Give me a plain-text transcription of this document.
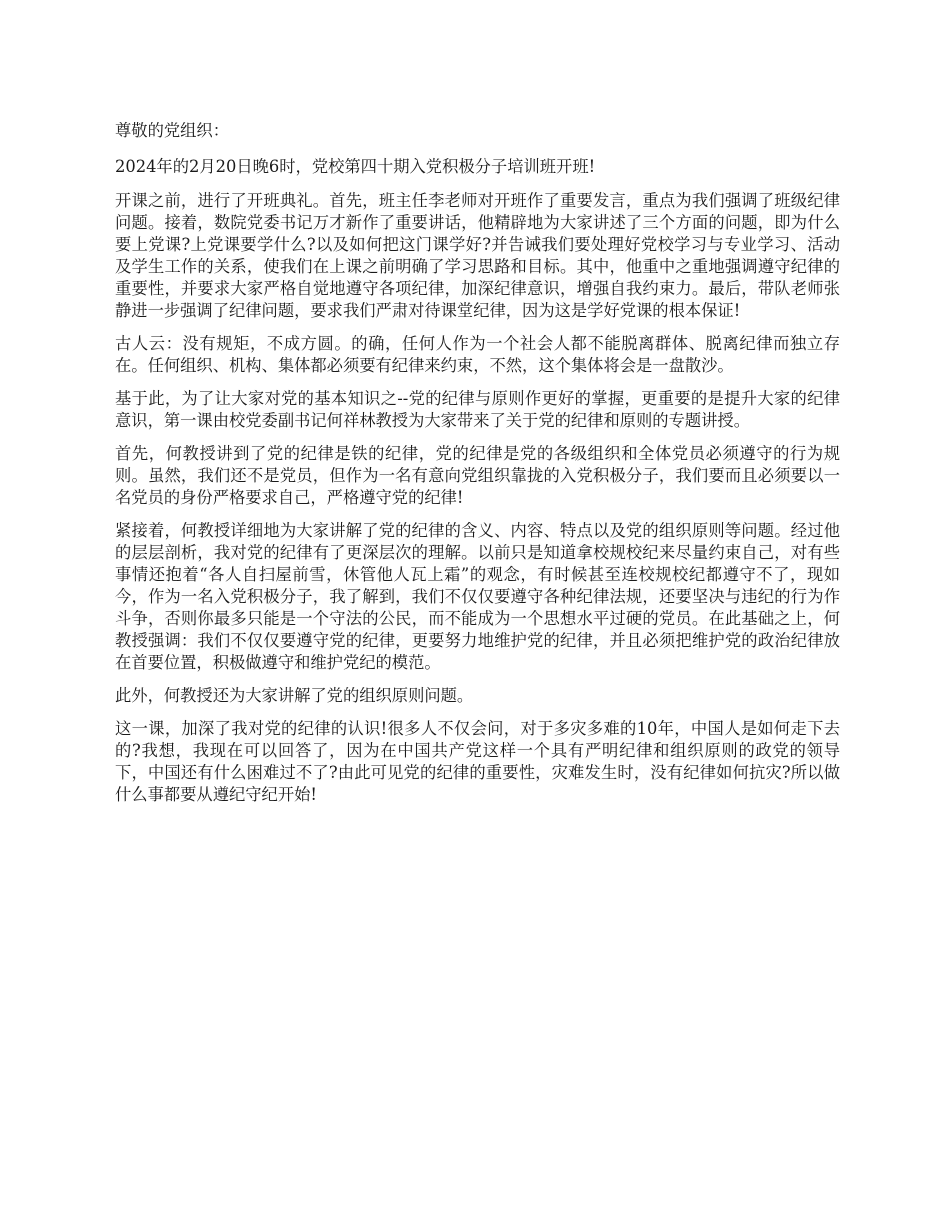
尊敬的党组织：

2024年的2月20日晚6时，党校第四十期入党积极分子培训班开班!

开课之前，进行了开班典礼。首先，班主任李老师对开班作了重要发言，重点为我们强调了班级纪律问题。接着，数院党委书记万才新作了重要讲话，他精辟地为大家讲述了三个方面的问题，即为什么要上党课?上党课要学什么?以及如何把这门课学好?并告诫我们要处理好党校学习与专业学习、活动及学生工作的关系，使我们在上课之前明确了学习思路和目标。其中，他重中之重地强调遵守纪律的重要性，并要求大家严格自觉地遵守各项纪律，加深纪律意识，增强自我约束力。最后，带队老师张静进一步强调了纪律问题，要求我们严肃对待课堂纪律，因为这是学好党课的根本保证!

古人云：没有规矩，不成方圆。的确，任何人作为一个社会人都不能脱离群体、脱离纪律而独立存在。任何组织、机构、集体都必须要有纪律来约束，不然，这个集体将会是一盘散沙。

基于此，为了让大家对党的基本知识之--党的纪律与原则作更好的掌握，更重要的是提升大家的纪律意识，第一课由校党委副书记何祥林教授为大家带来了关于党的纪律和原则的专题讲授。

首先，何教授讲到了党的纪律是铁的纪律，党的纪律是党的各级组织和全体党员必须遵守的行为规则。虽然，我们还不是党员，但作为一名有意向党组织靠拢的入党积极分子，我们要而且必须要以一名党员的身份严格要求自己，严格遵守党的纪律!

紧接着，何教授详细地为大家讲解了党的纪律的含义、内容、特点以及党的组织原则等问题。经过他的层层剖析，我对党的纪律有了更深层次的理解。以前只是知道拿校规校纪来尽量约束自己，对有些事情还抱着“各人自扫屋前雪，休管他人瓦上霜”的观念，有时候甚至连校规校纪都遵守不了，现如今，作为一名入党积极分子，我了解到，我们不仅仅要遵守各种纪律法规，还要坚决与违纪的行为作斗争，否则你最多只能是一个守法的公民，而不能成为一个思想水平过硬的党员。在此基础之上，何教授强调：我们不仅仅要遵守党的纪律，更要努力地维护党的纪律，并且必须把维护党的政治纪律放在首要位置，积极做遵守和维护党纪的模范。

此外，何教授还为大家讲解了党的组织原则问题。

这一课，加深了我对党的纪律的认识!很多人不仅会问，对于多灾多难的10年，中国人是如何走下去的?我想，我现在可以回答了，因为在中国共产党这样一个具有严明纪律和组织原则的政党的领导下，中国还有什么困难过不了?由此可见党的纪律的重要性，灾难发生时，没有纪律如何抗灾?所以做什么事都要从遵纪守纪开始!
